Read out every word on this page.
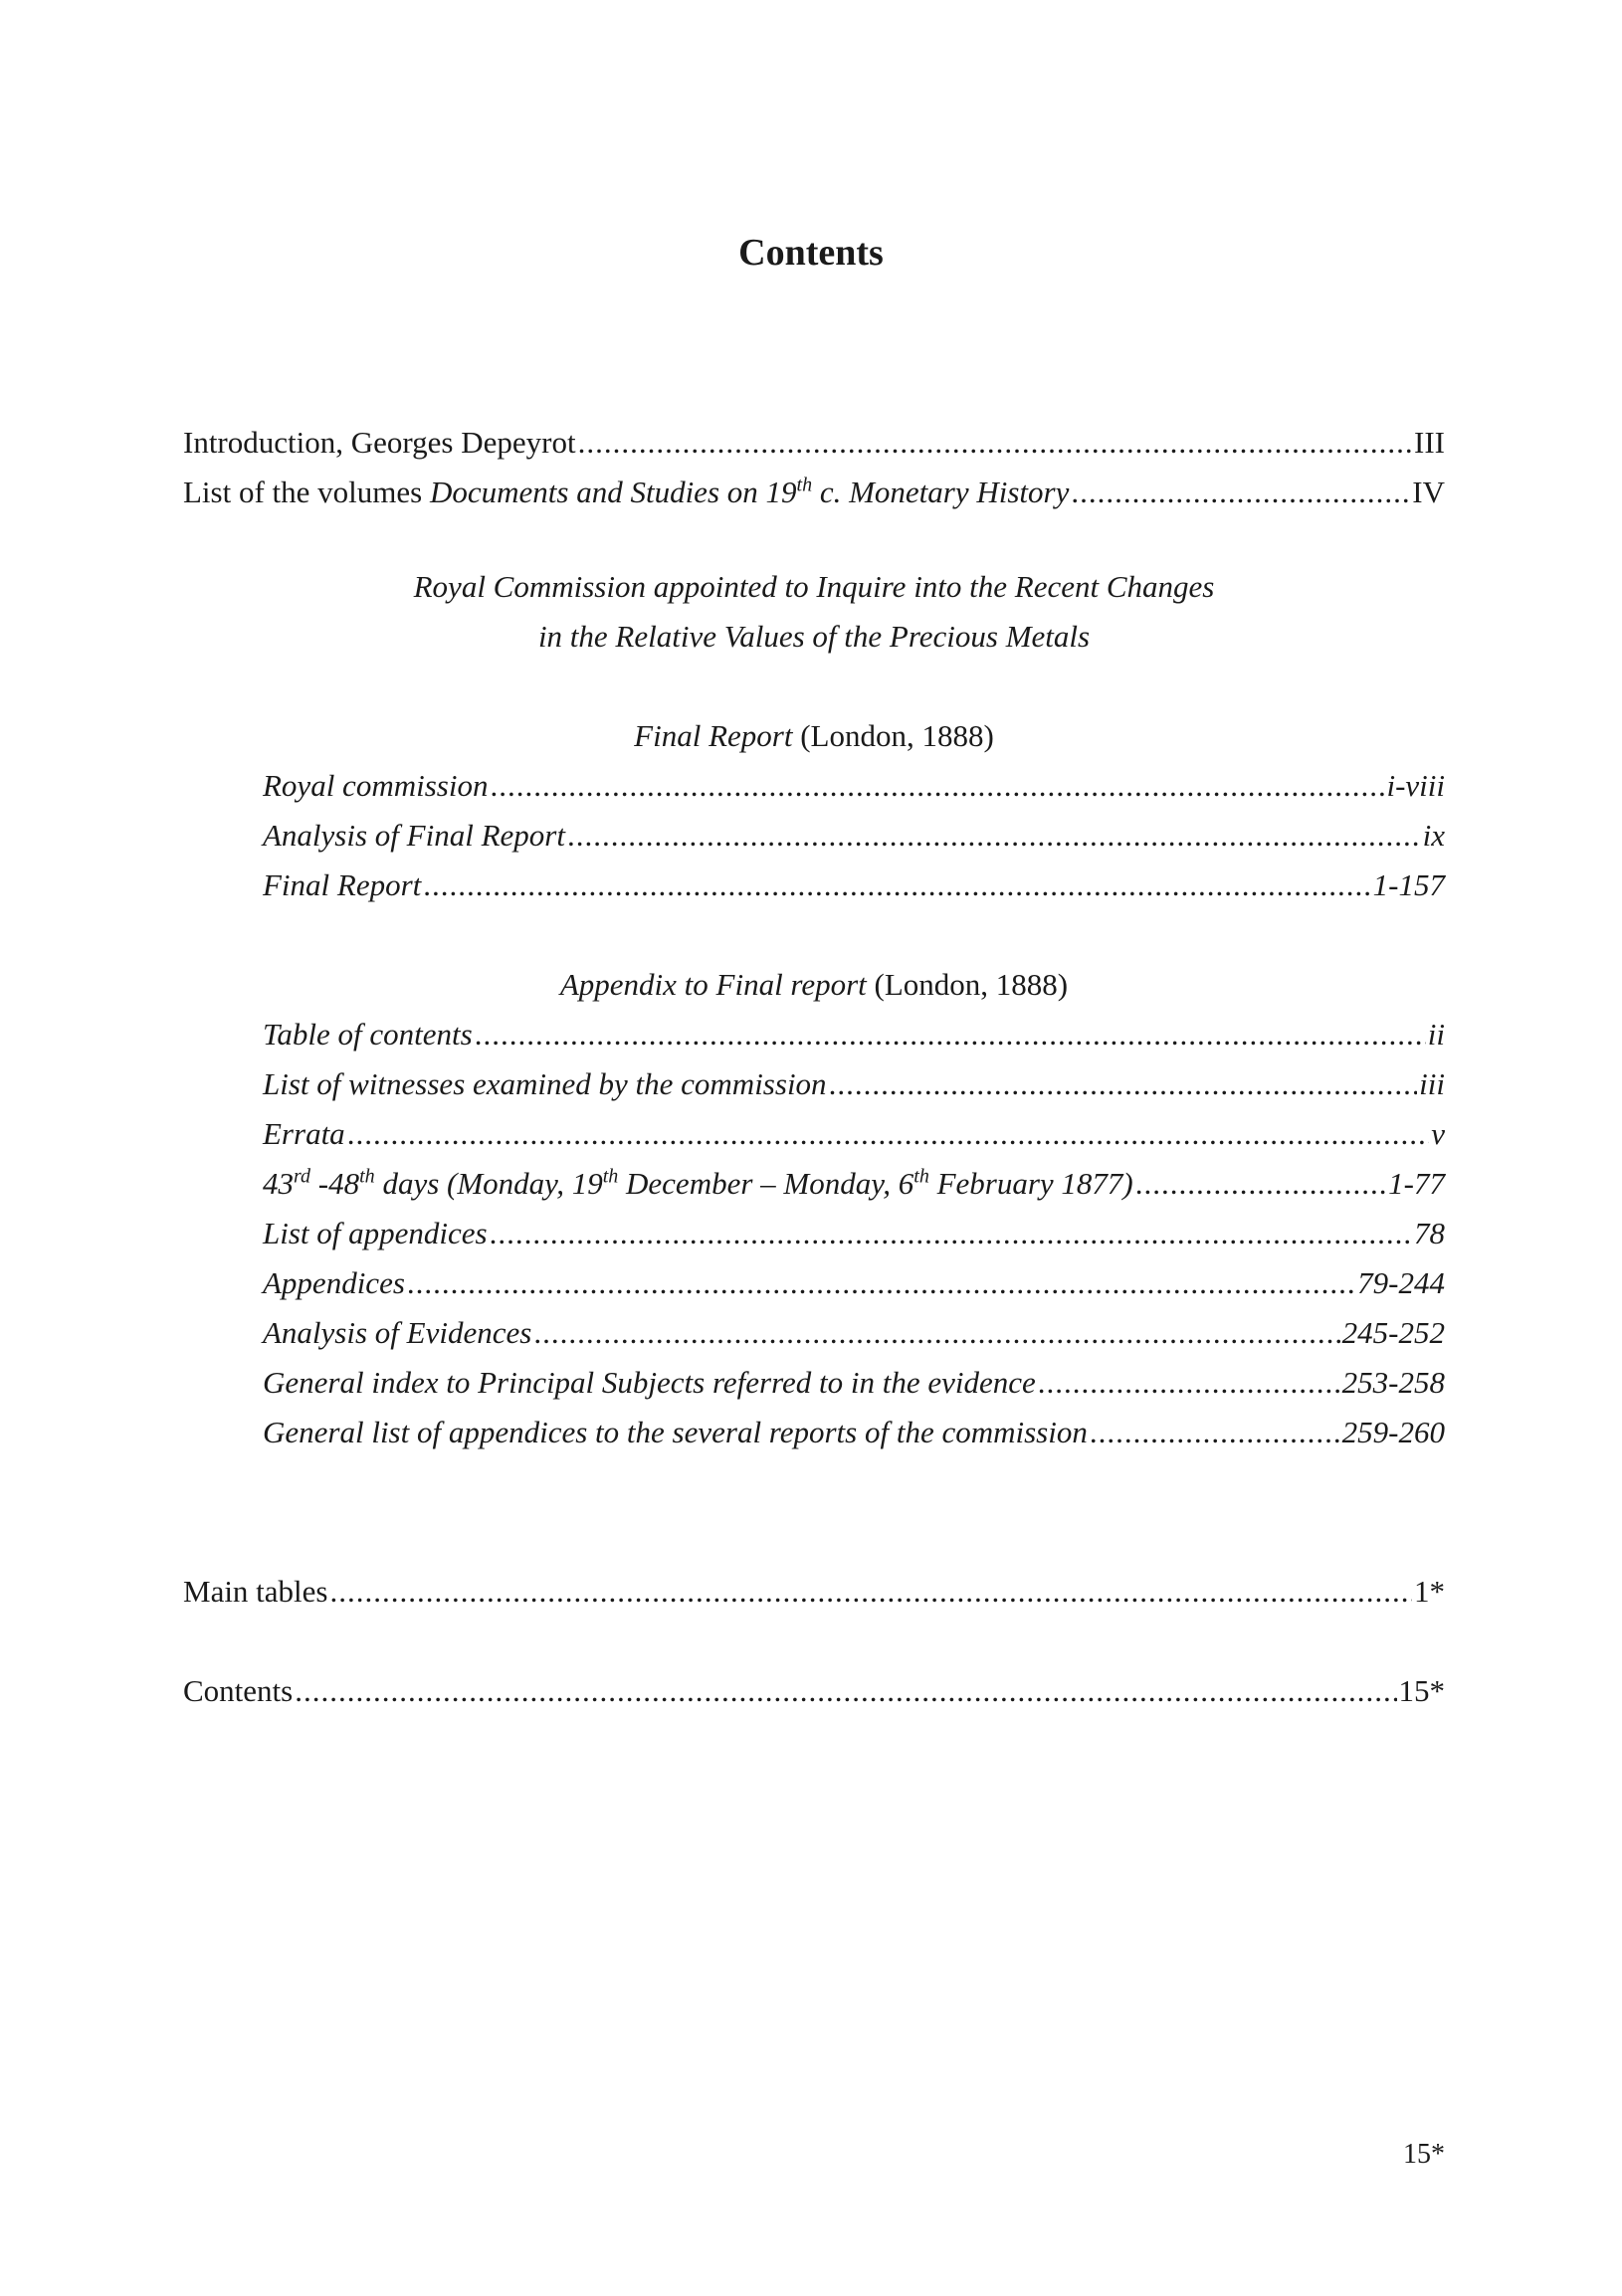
Contents
Introduction, Georges Depeyrot .....	III
List of the volumes Documents and Studies on 19th c. Monetary History .....	IV
Royal Commission appointed to Inquire into the Recent Changes
in the Relative Values of the Precious Metals
Final Report (London, 1888)
Royal commission .....	i-viii
Analysis of Final Report .....	ix
Final Report .....	1-157
Appendix to Final report (London, 1888)
Table of contents .....	ii
List of witnesses examined by the commission .....	iii
Errata .....	v
43rd -48th days (Monday, 19th December – Monday, 6th February 1877) .....	1-77
List of appendices .....	78
Appendices .....	79-244
Analysis of Evidences .....	245-252
General index to Principal Subjects referred to in the evidence .....	253-258
General list of appendices to the several reports of the commission .....	259-260
Main tables .....	1*
Contents .....	15*
15*
